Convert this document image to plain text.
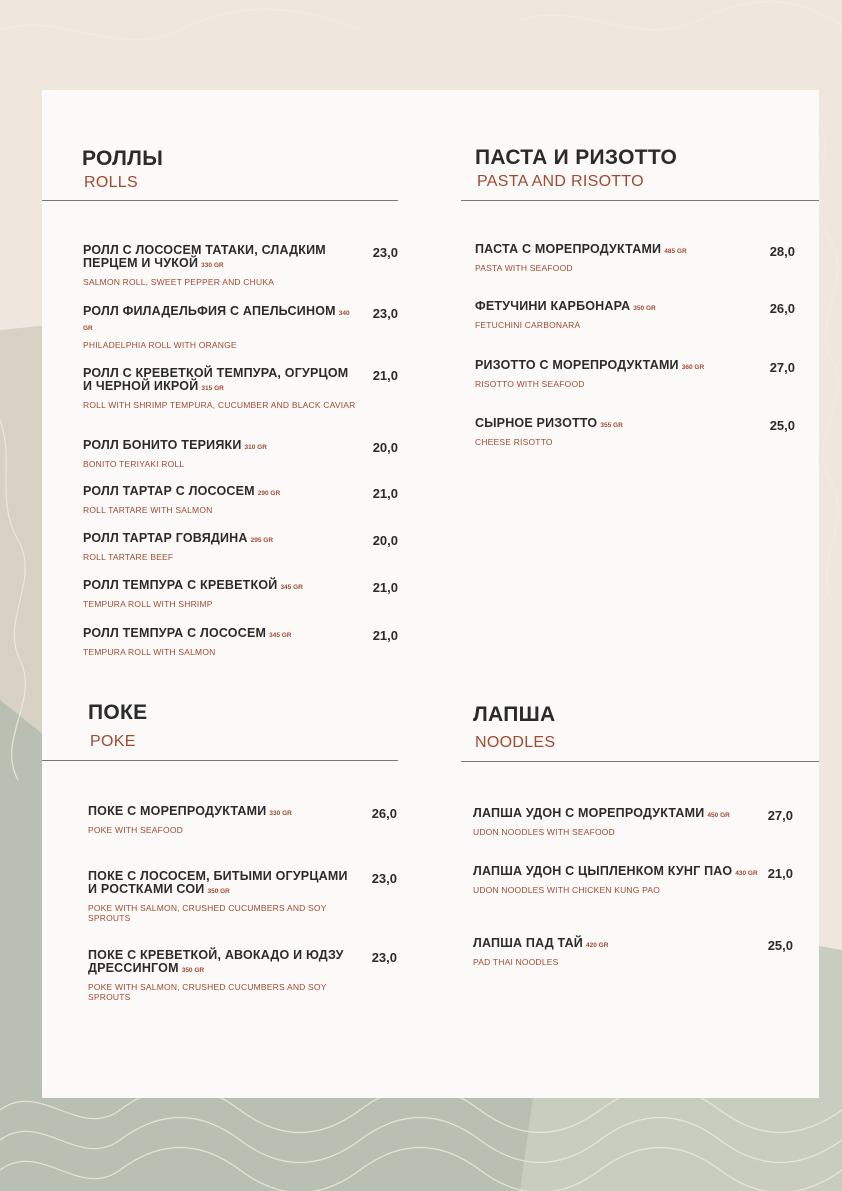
РОЛЛЫ
ROLLS
РОЛЛ С ЛОСОСЕМ ТАТАКИ, СЛАДКИМ ПЕРЦЕМ И ЧУКОЙ 330 GR
SALMON ROLL, SWEET PEPPER AND CHUKA
23,0
РОЛЛ ФИЛАДЕЛЬФИЯ С АПЕЛЬСИНОМ 340 GR
PHILADELPHIA ROLL WITH ORANGE
23,0
РОЛЛ С КРЕВЕТКОЙ ТЕМПУРА, ОГУРЦОМ И ЧЕРНОЙ ИКРОЙ 315 GR
ROLL WITH SHRIMP TEMPURA, CUCUMBER AND BLACK CAVIAR
21,0
РОЛЛ БОНИТО ТЕРИЯКИ 310 GR
BONITO TERIYAKI ROLL
20,0
РОЛЛ ТАРТАР С ЛОСОСЕМ 290 GR
ROLL TARTARE WITH SALMON
21,0
РОЛЛ ТАРТАР ГОВЯДИНА 295 GR
ROLL TARTARE BEEF
20,0
РОЛЛ ТЕМПУРА С КРЕВЕТКОЙ 345 GR
TEMPURA ROLL WITH SHRIMP
21,0
РОЛЛ ТЕМПУРА С ЛОСОСЕМ 345 GR
TEMPURA ROLL WITH SALMON
21,0
ПАСТА И РИЗОТТО
PASTA AND RISOTTO
ПАСТА С МОРЕПРОДУКТАМИ 485 GR
PASTA WITH SEAFOOD
28,0
ФЕТУЧИНИ КАРБОНАРА 350 GR
FETUCHINI CARBONARA
26,0
РИЗОТТО С МОРЕПРОДУКТАМИ 360 GR
RISOTTO WITH SEAFOOD
27,0
СЫРНОЕ РИЗОТТО 355 GR
CHEESE RISOTTO
25,0
ПОКЕ
POKE
ПОКЕ С МОРЕПРОДУКТАМИ 330 GR
POKE WITH SEAFOOD
26,0
ПОКЕ С ЛОСОСЕМ, БИТЫМИ ОГУРЦАМИ И РОСТКАМИ СОИ 350 GR
POKE WITH SALMON, CRUSHED CUCUMBERS AND SOY SPROUTS
23,0
ПОКЕ С КРЕВЕТКОЙ, АВОКАДО И ЮДЗУ ДРЕССИНГОМ 350 GR
POKE WITH SALMON, CRUSHED CUCUMBERS AND SOY SPROUTS
23,0
ЛАПША
NOODLES
ЛАПША УДОН С МОРЕПРОДУКТАМИ 450 GR
UDON NOODLES WITH SEAFOOD
27,0
ЛАПША УДОН С ЦЫПЛЕНКОМ КУНГ ПАО 430 GR
UDON NOODLES WITH CHICKEN KUNG PAO
21,0
ЛАПША ПАД ТАЙ 420 GR
PAD THAI NOODLES
25,0
